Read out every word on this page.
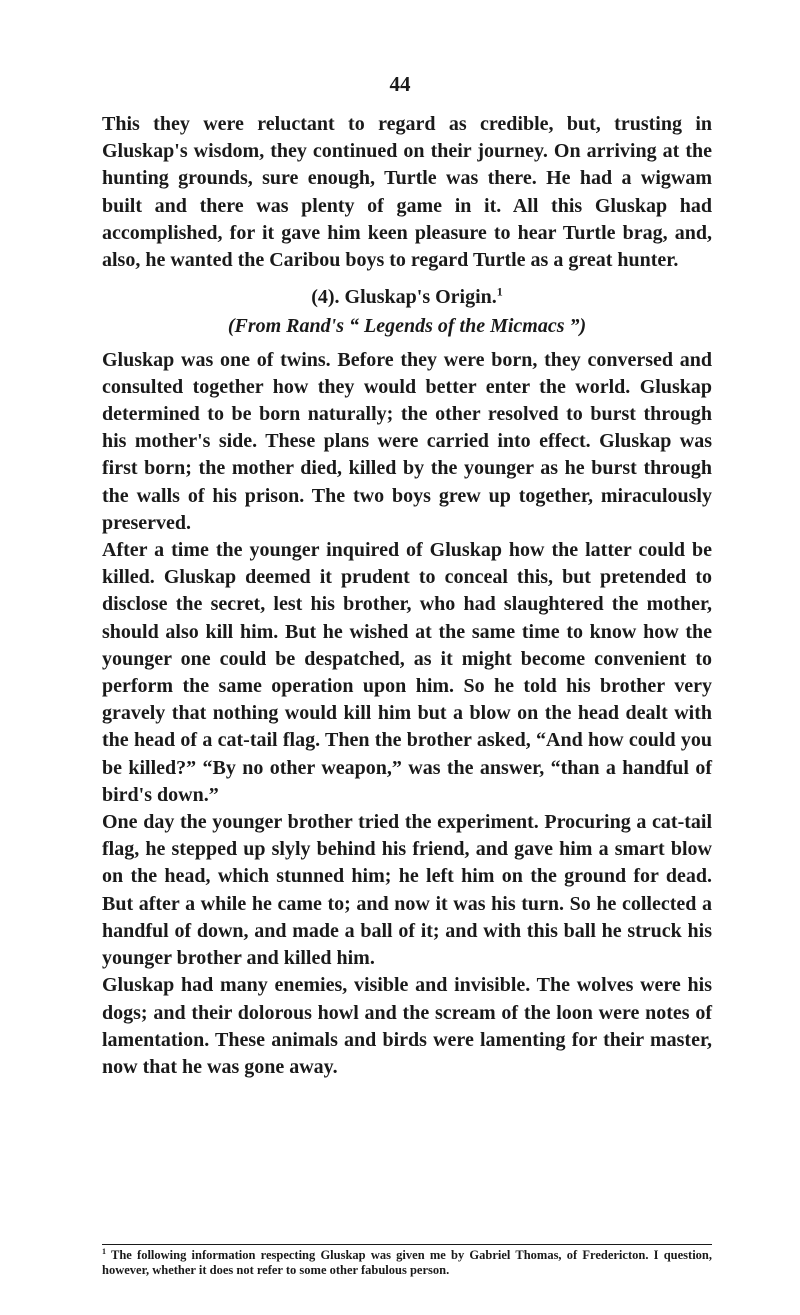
44

This they were reluctant to regard as credible, but, trusting in Gluskap's wisdom, they continued on their journey. On arriving at the hunting grounds, sure enough, Turtle was there. He had a wigwam built and there was plenty of game in it. All this Gluskap had accomplished, for it gave him keen pleasure to hear Turtle brag, and, also, he wanted the Caribou boys to regard Turtle as a great hunter.

(4). Gluskap's Origin.$^1$
(From Rand's “ Legends of the Micmacs ”)

Gluskap was one of twins. Before they were born, they conversed and consulted together how they would better enter the world. Gluskap determined to be born naturally; the other resolved to burst through his mother's side. These plans were carried into effect. Gluskap was first born; the mother died, killed by the younger as he burst through the walls of his prison. The two boys grew up together, miraculously preserved.

After a time the younger inquired of Gluskap how the latter could be killed. Gluskap deemed it prudent to conceal this, but pretended to disclose the secret, lest his brother, who had slaughtered the mother, should also kill him. But he wished at the same time to know how the younger one could be despatched, as it might become convenient to perform the same operation upon him. So he told his brother very gravely that nothing would kill him but a blow on the head dealt with the head of a cat-tail flag. Then the brother asked, “And how could you be killed?” “By no other weapon,” was the answer, “than a handful of bird's down.”

One day the younger brother tried the experiment. Procuring a cat-tail flag, he stepped up slyly behind his friend, and gave him a smart blow on the head, which stunned him; he left him on the ground for dead. But after a while he came to; and now it was his turn. So he collected a handful of down, and made a ball of it; and with this ball he struck his younger brother and killed him.

Gluskap had many enemies, visible and invisible. The wolves were his dogs; and their dolorous howl and the scream of the loon were notes of lamentation. These animals and birds were lamenting for their master, now that he was gone away.

$^1$ The following information respecting Gluskap was given me by Gabriel Thomas, of Fredericton. I question, however, whether it does not refer to some other fabulous person.
